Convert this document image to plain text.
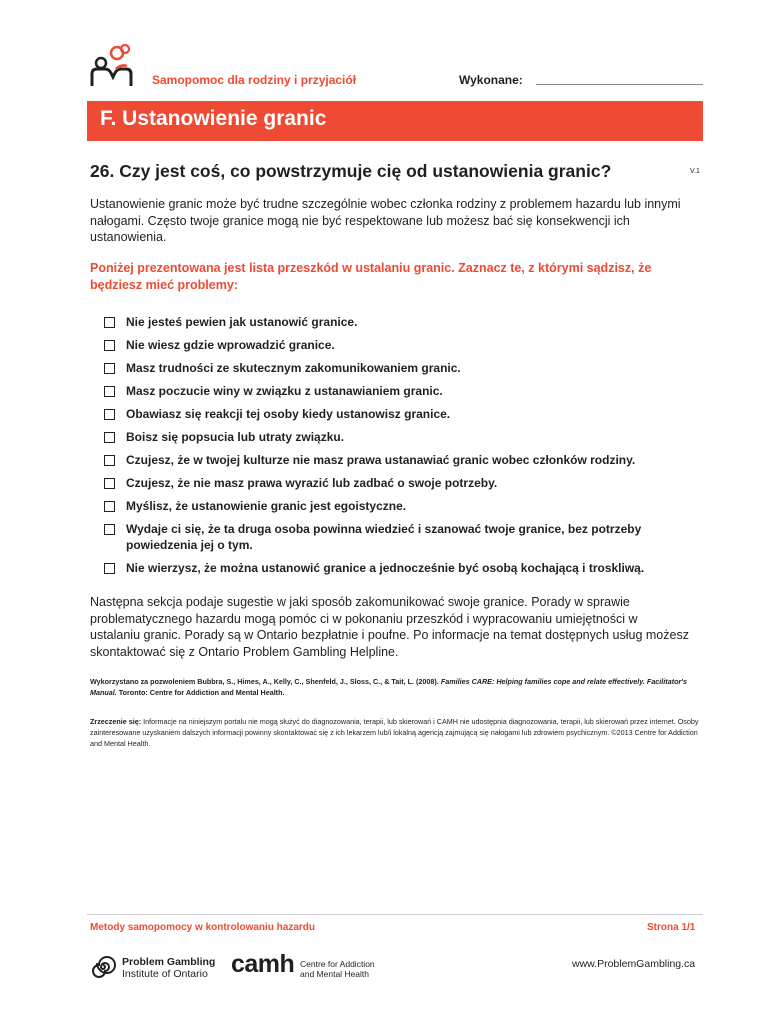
Samopomoc dla rodziny i przyjaciół	Wykonane:
F. Ustanowienie granic
26. Czy jest coś, co powstrzymuje cię od ustanowienia granic?	V.1
Ustanowienie granic może być trudne szczególnie wobec członka rodziny z problemem hazardu lub innymi nałogami. Często twoje granice mogą nie być respektowane lub możesz bać się konsekwencji ich ustanowienia.
Poniżej prezentowana jest lista przeszkód w ustalaniu granic. Zaznacz te, z którymi sądzisz, że będziesz mieć problemy:
Nie jesteś pewien jak ustanowić granice.
Nie wiesz gdzie wprowadzić granice.
Masz trudności ze skutecznym zakomunikowaniem granic.
Masz poczucie winy w związku z ustanawianiem granic.
Obawiasz się reakcji tej osoby kiedy ustanowisz granice.
Boisz się popsucia lub utraty związku.
Czujesz, że w twojej kulturze nie masz prawa ustanawiać granic wobec członków rodziny.
Czujesz, że nie masz prawa wyrazić lub zadbać o swoje potrzeby.
Myślisz, że ustanowienie granic jest egoistyczne.
Wydaje ci się, że ta druga osoba powinna wiedzieć i szanować twoje granice, bez potrzeby powiedzenia jej o tym.
Nie wierzysz, że można ustanowić granice a jednocześnie być osobą kochającą i troskliwą.
Następna sekcja podaje sugestie w jaki sposób zakomunikować swoje granice. Porady w sprawie problematycznego hazardu mogą pomóc ci w pokonaniu przeszkód i wypracowaniu umiejętności w ustalaniu granic. Porady są w Ontario bezpłatnie i poufne. Po informacje na temat dostępnych usług możesz skontaktować się z Ontario Problem Gambling Helpline.
Wykorzystano za pozwoleniem Bubbra, S., Himes, A., Kelly, C., Shenfeld, J., Sloss, C., & Tait, L. (2008). Families CARE: Helping families cope and relate effectively. Facilitator's Manual. Toronto: Centre for Addiction and Mental Health.
Zrzeczenie się: Informacje na niniejszym portalu nie mogą służyć do diagnozowania, terapii, lub skierowań i CAMH nie udostępnia diagnozowania, terapii, lub skierowań przez internet. Osoby zainteresowane uzyskaniem dalszych informacji powinny skontaktować się z ich lekarzem lub/i lokalną agencją zajmującą się nałogami lub zdrowiem psychicznym. ©2013 Centre for Addiction and Mental Health.
Metody samopomocy w kontrolowaniu hazardu	Strona 1/1
Problem Gambling
Institute of Ontario camh Centre for Addiction
and Mental Health
www.ProblemGambling.ca
